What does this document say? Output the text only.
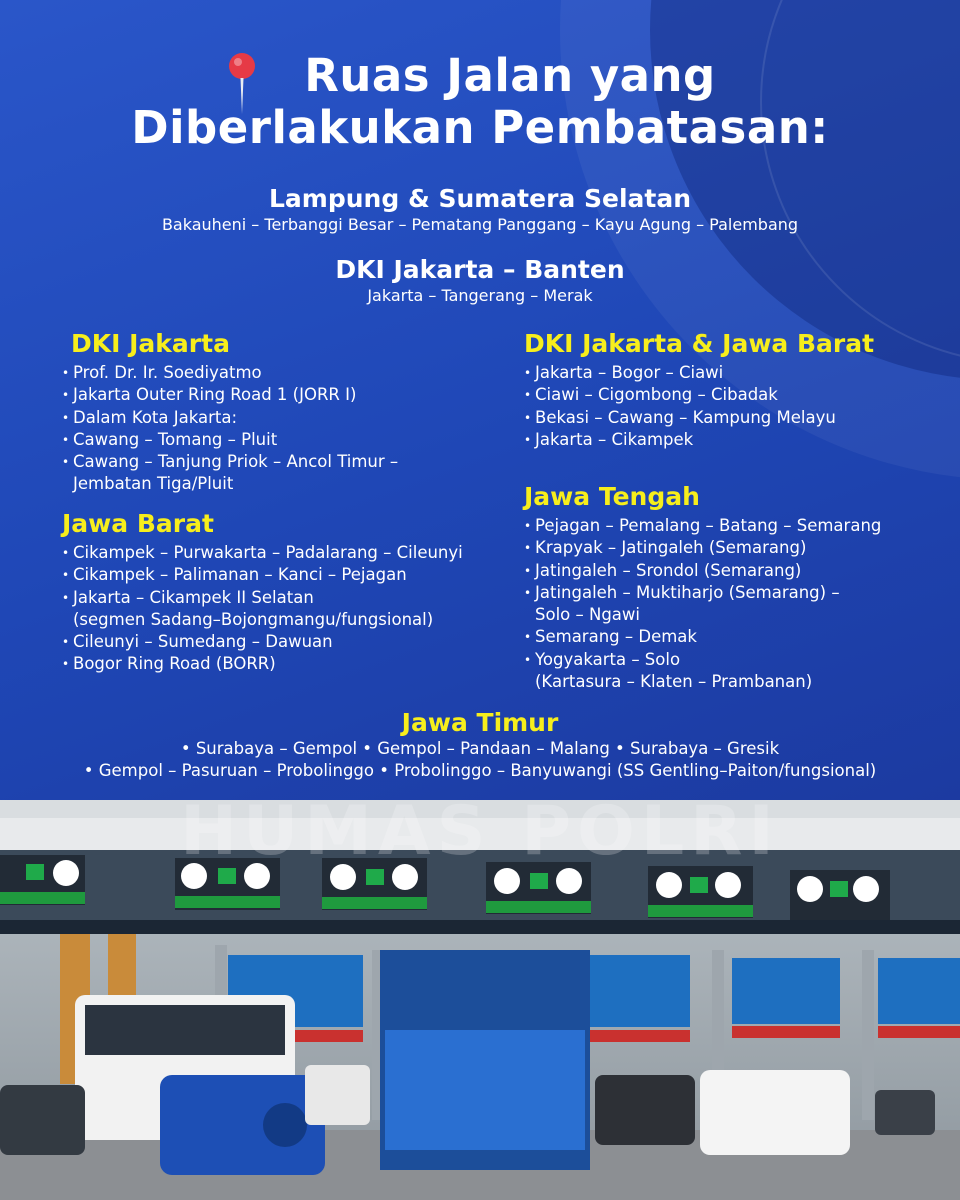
Ruas Jalan yang
Diberlakukan Pembatasan:
Lampung & Sumatera Selatan
Bakauheni – Terbanggi Besar – Pematang Panggang – Kayu Agung – Palembang
DKI Jakarta – Banten
Jakarta – Tangerang – Merak
DKI Jakarta
• Prof. Dr. Ir. Soediyatmo
• Jakarta Outer Ring Road 1 (JORR I)
• Dalam Kota Jakarta:
• Cawang – Tomang – Pluit
• Cawang – Tanjung Priok – Ancol Timur –
Jembatan Tiga/Pluit
Jawa Barat
• Cikampek – Purwakarta – Padalarang – Cileunyi
• Cikampek – Palimanan – Kanci – Pejagan
• Jakarta – Cikampek II Selatan
(segmen Sadang–Bojongmangu/fungsional)
• Cileunyi – Sumedang – Dawuan
• Bogor Ring Road (BORR)
DKI Jakarta & Jawa Barat
• Jakarta – Bogor – Ciawi
• Ciawi – Cigombong – Cibadak
• Bekasi – Cawang – Kampung Melayu
• Jakarta – Cikampek
Jawa Tengah
• Pejagan – Pemalang – Batang – Semarang
• Krapyak – Jatingaleh (Semarang)
• Jatingaleh – Srondol (Semarang)
• Jatingaleh – Muktiharjo (Semarang) –
Solo – Ngawi
• Semarang – Demak
• Yogyakarta – Solo
(Kartasura – Klaten – Prambanan)
Jawa Timur
• Surabaya – Gempol • Gempol – Pandaan – Malang • Surabaya – Gresik
• Gempol – Pasuruan – Probolinggo • Probolinggo – Banyuwangi (SS Gentling–Paiton/fungsional)
HUMAS POLRI
